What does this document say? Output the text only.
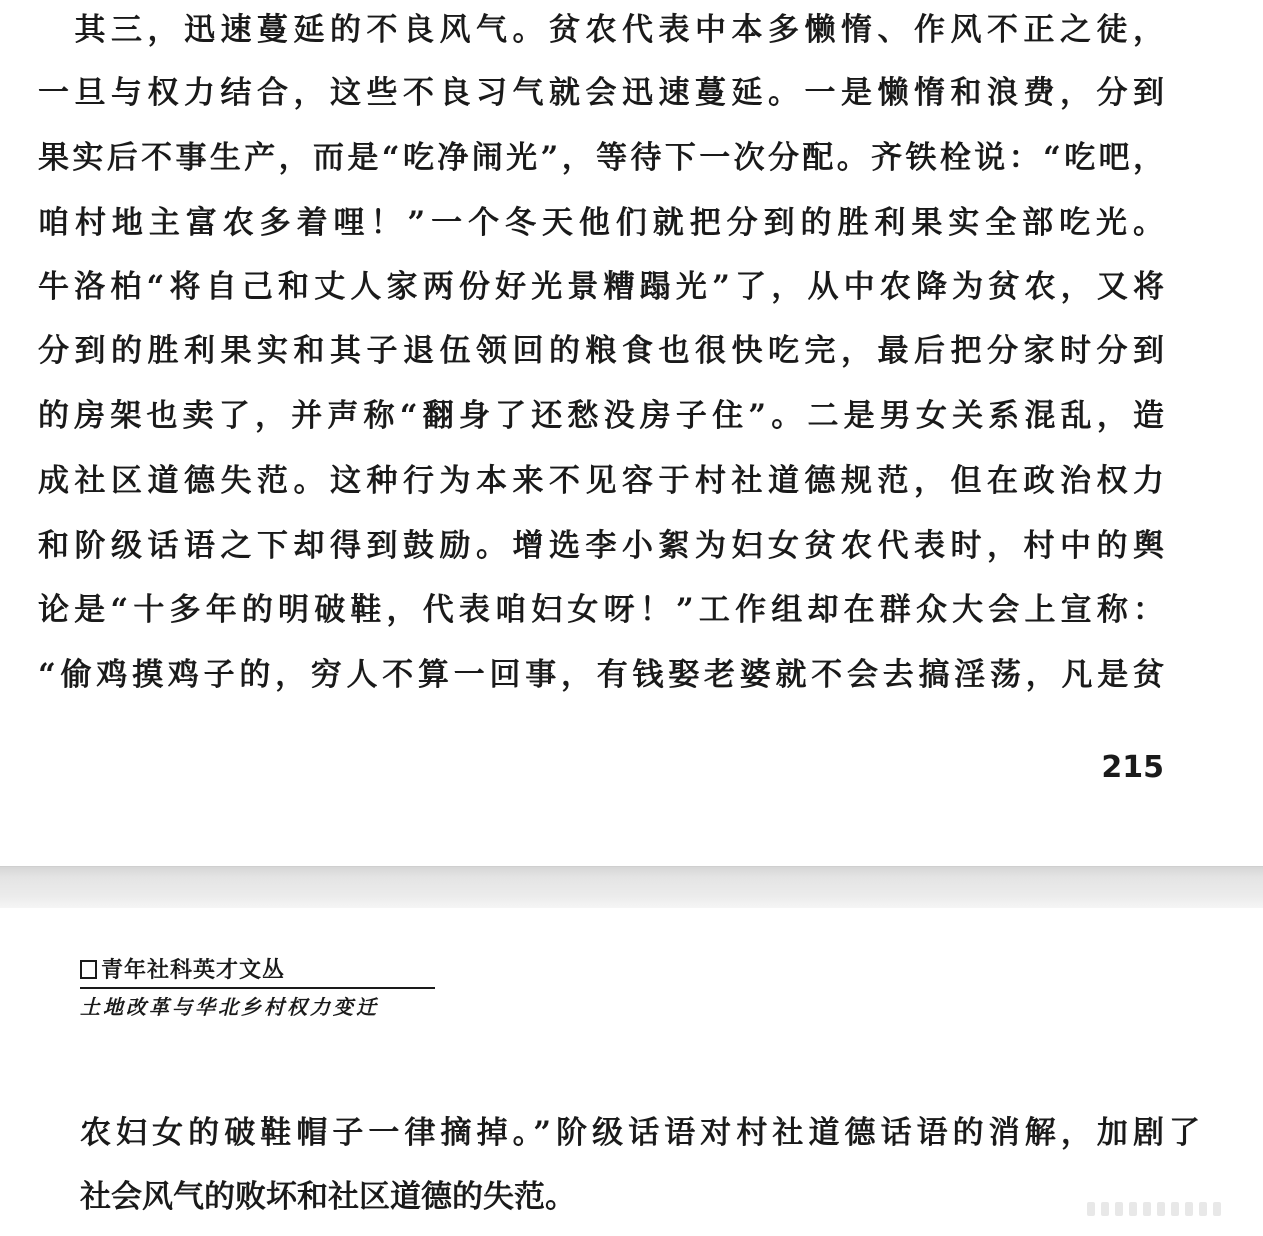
　其三，迅速蔓延的不良风气。贫农代表中本多懒惰、作风不正之徒，
一旦与权力结合，这些不良习气就会迅速蔓延。一是懒惰和浪费，分到
果实后不事生产，而是“吃净闹光”，等待下一次分配。齐铁栓说：“吃吧，
咱村地主富农多着哩！”一个冬天他们就把分到的胜利果实全部吃光。
牛洛柏“将自己和丈人家两份好光景糟蹋光”了，从中农降为贫农，又将
分到的胜利果实和其子退伍领回的粮食也很快吃完，最后把分家时分到
的房架也卖了，并声称“翻身了还愁没房子住”。二是男女关系混乱，造
成社区道德失范。这种行为本来不见容于村社道德规范，但在政治权力
和阶级话语之下却得到鼓励。增选李小絮为妇女贫农代表时，村中的舆
论是“十多年的明破鞋，代表咱妇女呀！”工作组却在群众大会上宣称：
“偷鸡摸鸡子的，穷人不算一回事，有钱娶老婆就不会去搞淫荡，凡是贫
215
青年社科英才文丛
土地改革与华北乡村权力变迁
农妇女的破鞋帽子一律摘掉。”阶级话语对村社道德话语的消解，加剧了
社会风气的败坏和社区道德的失范。
